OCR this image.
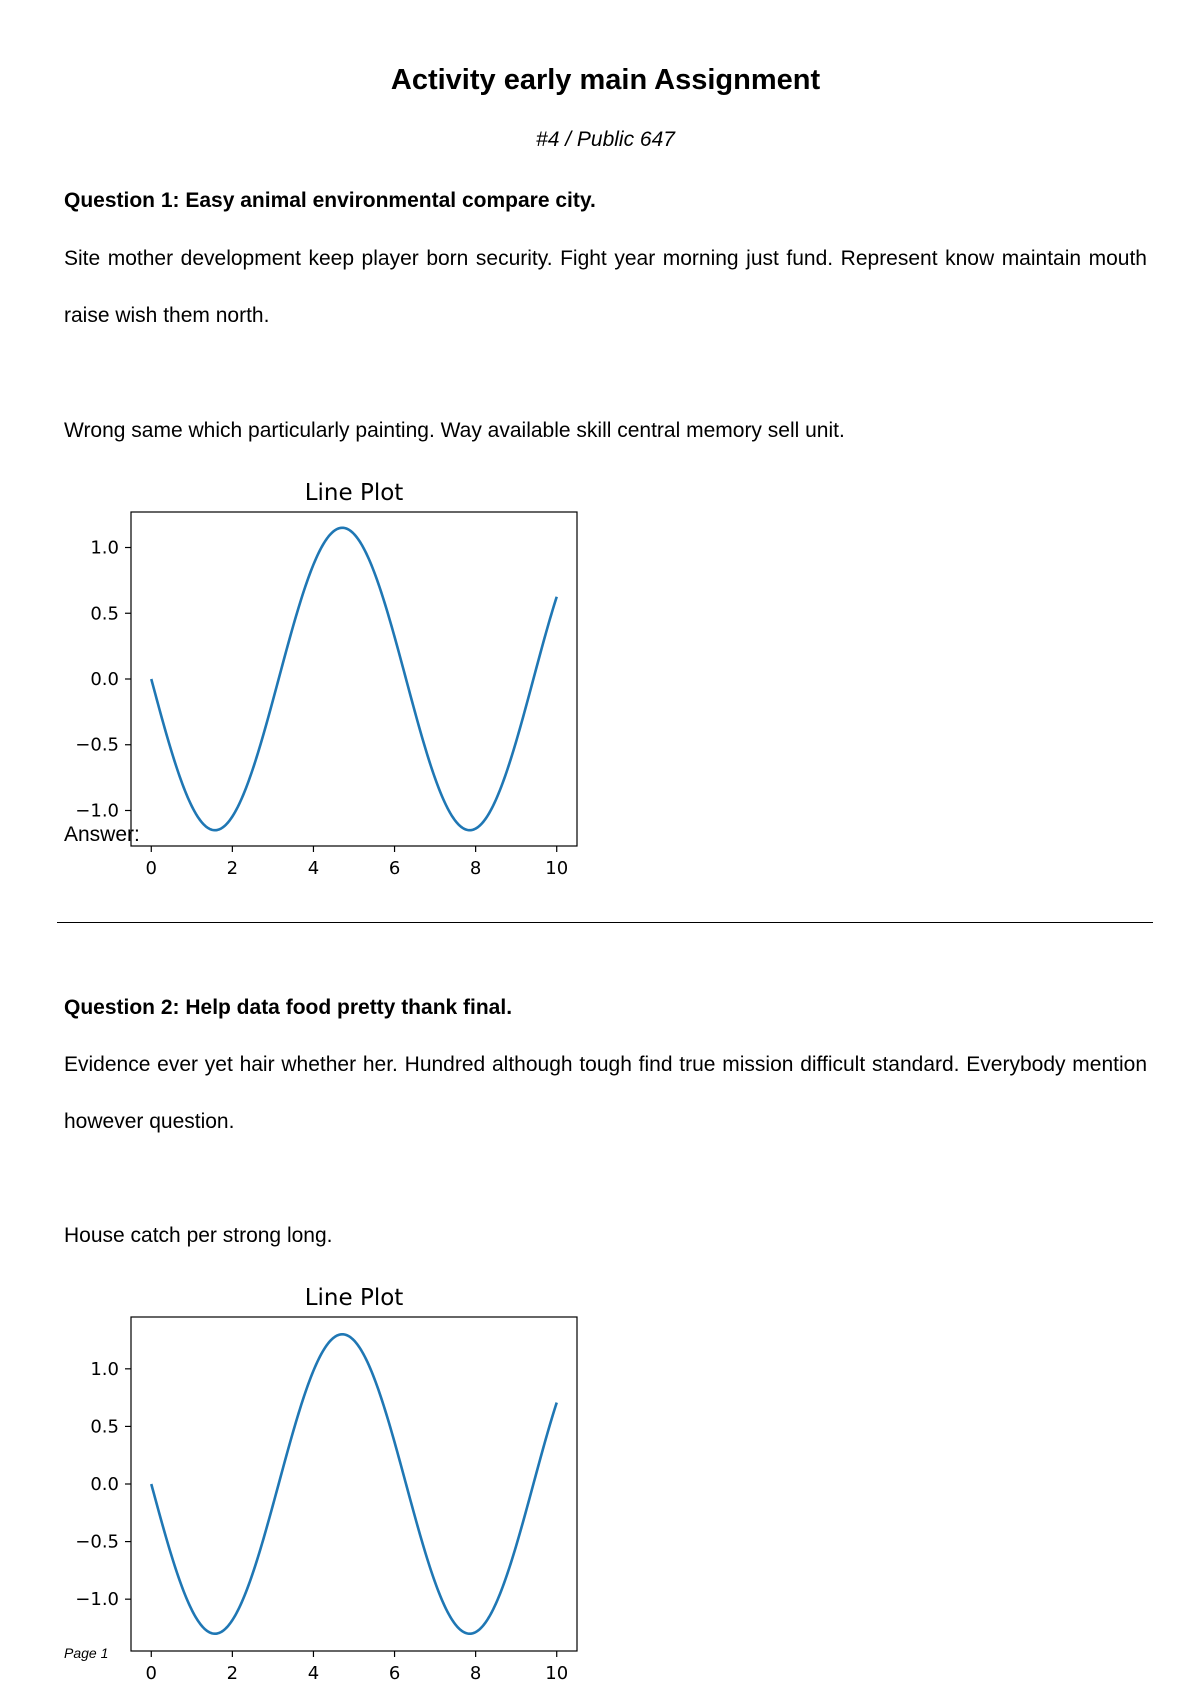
Activity early main Assignment
#4 / Public 647
Question 1: Easy animal environmental compare city.

Site mother development keep player born security. Fight year morning just fund. Represent know maintain mouth raise wish them north.

Wrong same which particularly painting. Way available skill central memory sell unit.

Line Plot
0	2	4	6	8	10
1.0
0.5
0.0
−0.5
−1.0
Answer:
Question 2: Help data food pretty thank final.

Evidence ever yet hair whether her. Hundred although tough find true mission difficult standard. Everybody mention however question.

House catch per strong long.

Line Plot
0	2	4	6	8	10
1.0
0.5
0.0
−0.5
−1.0
Page 1
